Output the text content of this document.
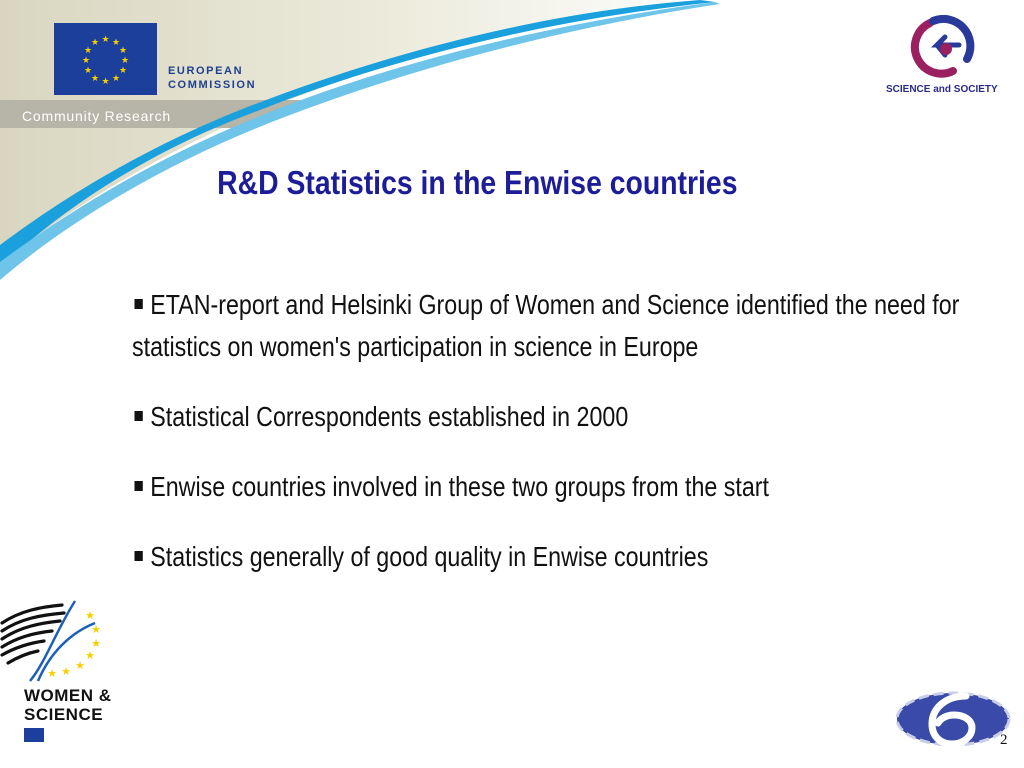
★ ★
★
★
★
★
★
★
★
★
★
★
EUROPEAN
COMMISSION
Community Research
SCIENCE and SOCIETY
R&D Statistics in the Enwise countries
ETAN-report and Helsinki Group of Women and Science identified the need for statistics on women's participation in science in Europe
Statistical Correspondents established in 2000
Enwise countries involved in these two groups from the start
Statistics generally of good quality in Enwise countries
★
★
★
★
★
★
★
WOMEN &
SCIENCE
2
